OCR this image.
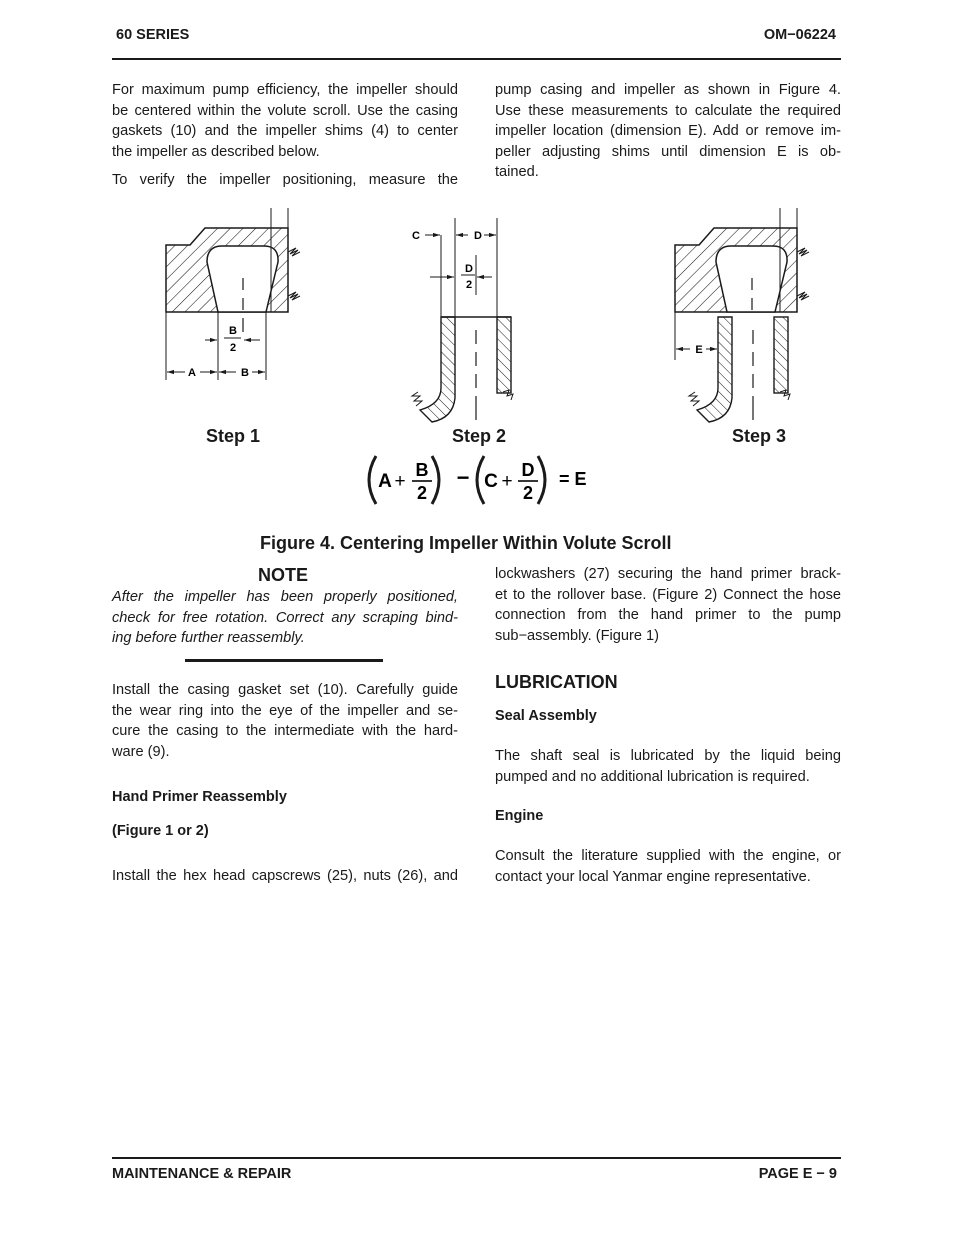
60 SERIES	OM−06224
For maximum pump efficiency, the impeller should
be centered within the volute scroll. Use the casing
gaskets (10) and the impeller shims (4) to center
the impeller as described below.
To verify the impeller positioning, measure the
pump casing and impeller as shown in Figure 4.
Use these measurements to calculate the required
impeller location (dimension E). Add or remove im-
peller adjusting shims until dimension E is ob-
tained.
A	B
B
2
C	D
D
2
E
A +
B
2
− C +
D
2
= E
Step 1	Step 2	Step 3
Figure 4. Centering Impeller Within Volute Scroll
NOTE
After the impeller has been properly positioned,
check for free rotation. Correct any scraping bind-
ing before further reassembly.
Install the casing gasket set (10). Carefully guide
the wear ring into the eye of the impeller and se-
cure the casing to the intermediate with the hard-
ware (9).
Hand Primer Reassembly
(Figure 1 or 2)
Install the hex head capscrews (25), nuts (26), and
lockwashers (27) securing the hand primer brack-
et to the rollover base. (Figure 2) Connect the hose
connection from the hand primer to the pump
sub−assembly. (Figure 1)
LUBRICATION
Seal Assembly
The shaft seal is lubricated by the liquid being
pumped and no additional lubrication is required.
Engine
Consult the literature supplied with the engine, or
contact your local Yanmar engine representative.
MAINTENANCE & REPAIR	PAGE E − 9
